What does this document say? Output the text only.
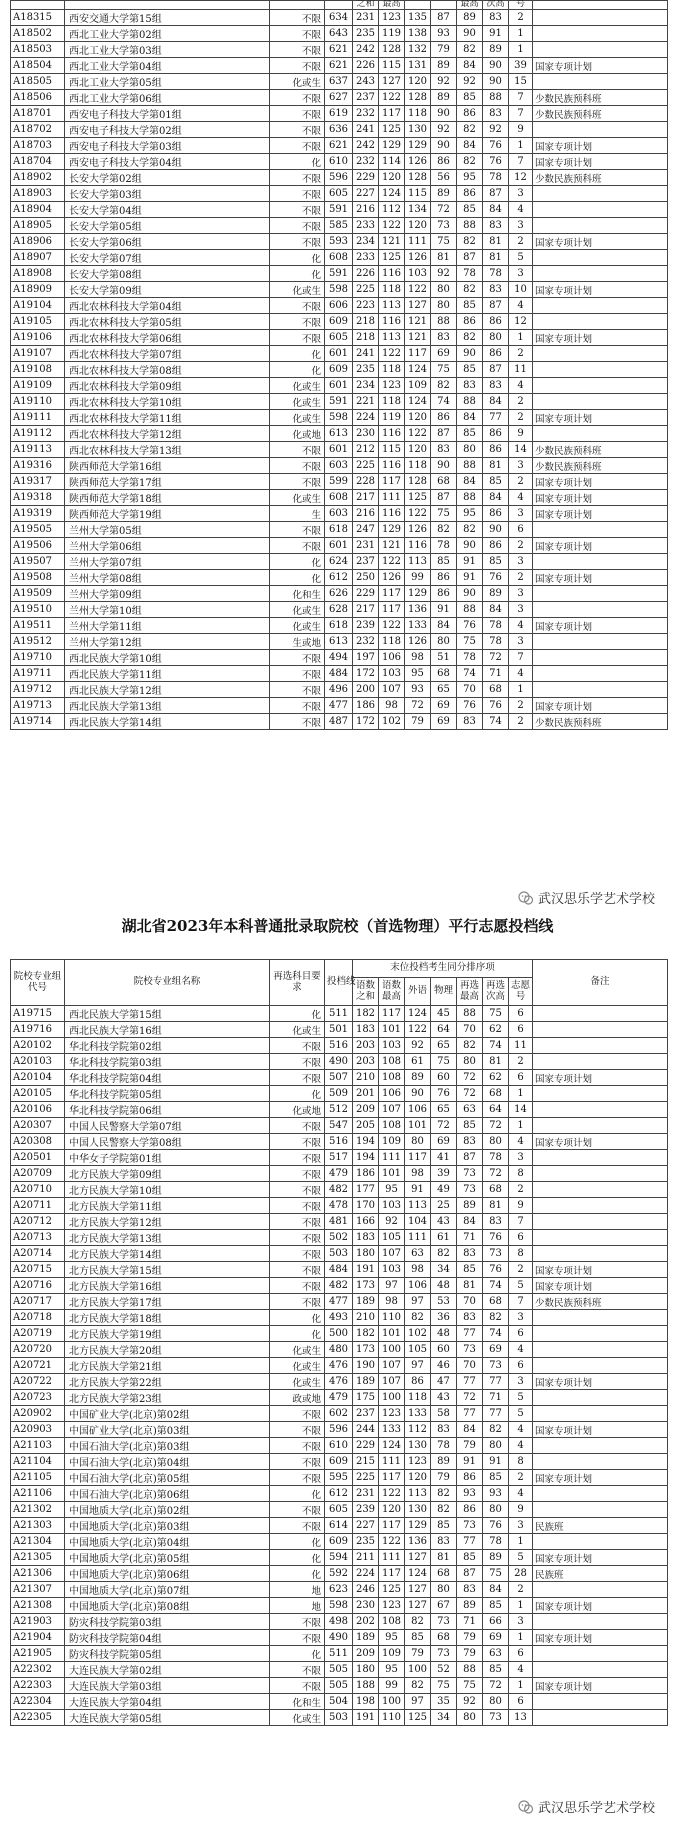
				之和	最高			最高	次高	号	
A18315	西安交通大学第15组	不限	634	231	123	135	87	89	83	2	
A18502	西北工业大学第02组	不限	643	235	119	138	93	90	91	1	
A18503	西北工业大学第03组	不限	621	242	128	132	79	82	89	1	
A18504	西北工业大学第04组	不限	621	226	115	131	89	84	90	39	国家专项计划
A18505	西北工业大学第05组	化或生	637	243	127	120	92	92	90	15	
A18506	西北工业大学第06组	不限	627	237	122	128	89	85	88	7	少数民族预科班
A18701	西安电子科技大学第01组	不限	619	232	117	118	90	86	83	7	少数民族预科班
A18702	西安电子科技大学第02组	不限	636	241	125	130	92	82	92	9	
A18703	西安电子科技大学第03组	不限	621	242	129	129	90	84	76	1	国家专项计划
A18704	西安电子科技大学第04组	化	610	232	114	126	86	82	76	7	国家专项计划
A18902	长安大学第02组	不限	596	229	120	128	56	95	78	12	少数民族预科班
A18903	长安大学第03组	不限	605	227	124	115	89	86	87	3	
A18904	长安大学第04组	不限	591	216	112	134	72	85	84	4	
A18905	长安大学第05组	不限	585	233	122	120	73	88	83	3	
A18906	长安大学第06组	不限	593	234	121	111	75	82	81	2	国家专项计划
A18907	长安大学第07组	化	608	233	125	126	81	87	81	5	
A18908	长安大学第08组	化	591	226	116	103	92	78	78	3	
A18909	长安大学第09组	化或生	598	225	118	122	80	82	83	10	国家专项计划
A19104	西北农林科技大学第04组	不限	606	223	113	127	80	85	87	4	
A19105	西北农林科技大学第05组	不限	609	218	116	121	88	86	86	12	
A19106	西北农林科技大学第06组	不限	605	218	113	121	83	82	80	1	国家专项计划
A19107	西北农林科技大学第07组	化	601	241	122	117	69	90	86	2	
A19108	西北农林科技大学第08组	化	609	235	118	124	75	85	87	11	
A19109	西北农林科技大学第09组	化或生	601	234	123	109	82	83	83	4	
A19110	西北农林科技大学第10组	化或生	591	221	118	124	74	88	84	2	
A19111	西北农林科技大学第11组	化或生	598	224	119	120	86	84	77	2	国家专项计划
A19112	西北农林科技大学第12组	化或地	613	230	116	122	87	85	86	9	
A19113	西北农林科技大学第13组	不限	601	212	115	120	83	80	86	14	少数民族预科班
A19316	陕西师范大学第16组	不限	603	225	116	118	90	88	81	3	少数民族预科班
A19317	陕西师范大学第17组	不限	599	228	117	128	68	84	85	2	国家专项计划
A19318	陕西师范大学第18组	化或生	608	217	111	125	87	88	84	4	国家专项计划
A19319	陕西师范大学第19组	生	603	216	116	122	75	95	86	3	国家专项计划
A19505	兰州大学第05组	不限	618	247	129	126	82	82	90	6	
A19506	兰州大学第06组	不限	601	231	121	116	78	90	86	2	国家专项计划
A19507	兰州大学第07组	化	624	237	122	113	85	91	85	3	
A19508	兰州大学第08组	化	612	250	126	99	86	91	76	2	国家专项计划
A19509	兰州大学第09组	化和生	626	229	117	129	86	90	89	3	
A19510	兰州大学第10组	化或生	628	217	117	136	91	88	84	3	
A19511	兰州大学第11组	化或生	618	239	122	133	84	76	78	4	国家专项计划
A19512	兰州大学第12组	生或地	613	232	118	126	80	75	78	3	
A19710	西北民族大学第10组	不限	494	197	106	98	51	78	72	7	
A19711	西北民族大学第11组	不限	484	172	103	95	68	74	71	4	
A19712	西北民族大学第12组	不限	496	200	107	93	65	70	68	1	
A19713	西北民族大学第13组	不限	477	186	98	72	69	76	76	2	国家专项计划
A19714	西北民族大学第14组	不限	487	172	102	79	69	83	74	2	少数民族预科班
武汉思乐学艺术学校
湖北省2023年本科普通批录取院校（首选物理）平行志愿投档线
院校专业组代号	院校专业组名称	再选科目要求	投档线	末位投档考生同分排序项							备注
				语数之和	语数最高	外语	物理	再选最高	再选次高	志愿号	
A19715	西北民族大学第15组	化	511	182	117	124	45	88	75	6	
A19716	西北民族大学第16组	化或生	501	183	101	122	64	70	62	6	
A20102	华北科技学院第02组	不限	516	203	103	92	65	82	74	11	
A20103	华北科技学院第03组	不限	490	203	108	61	75	80	81	2	
A20104	华北科技学院第04组	不限	507	210	108	89	60	72	62	6	国家专项计划
A20105	华北科技学院第05组	化	509	201	106	90	76	72	68	1	
A20106	华北科技学院第06组	化或地	512	209	107	106	65	63	64	14	
A20307	中国人民警察大学第07组	不限	547	205	108	101	72	85	72	1	
A20308	中国人民警察大学第08组	不限	516	194	109	80	69	83	80	4	国家专项计划
A20501	中华女子学院第01组	不限	517	194	111	117	41	87	78	3	
A20709	北方民族大学第09组	不限	479	186	101	98	39	73	72	8	
A20710	北方民族大学第10组	不限	482	177	95	91	49	73	68	2	
A20711	北方民族大学第11组	不限	478	170	103	113	25	89	81	9	
A20712	北方民族大学第12组	不限	481	166	92	104	43	84	83	7	
A20713	北方民族大学第13组	不限	502	183	105	111	61	71	76	6	
A20714	北方民族大学第14组	不限	503	180	107	63	82	83	73	8	
A20715	北方民族大学第15组	不限	484	191	103	98	34	85	76	2	国家专项计划
A20716	北方民族大学第16组	不限	482	173	97	106	48	81	74	5	国家专项计划
A20717	北方民族大学第17组	不限	477	189	98	97	53	70	68	7	少数民族预科班
A20718	北方民族大学第18组	化	493	210	110	82	36	83	82	3	
A20719	北方民族大学第19组	化	500	182	101	102	48	77	74	6	
A20720	北方民族大学第20组	化或生	480	173	100	105	60	73	69	4	
A20721	北方民族大学第21组	化或生	476	190	107	97	46	70	73	6	
A20722	北方民族大学第22组	化或生	476	189	107	86	47	77	77	3	国家专项计划
A20723	北方民族大学第23组	政或地	479	175	100	118	43	72	71	5	
A20902	中国矿业大学(北京)第02组	不限	602	237	123	133	58	77	77	5	
A20903	中国矿业大学(北京)第03组	不限	596	244	133	112	83	84	82	4	国家专项计划
A21103	中国石油大学(北京)第03组	不限	610	229	124	130	78	79	80	4	
A21104	中国石油大学(北京)第04组	不限	609	215	111	123	89	91	91	8	
A21105	中国石油大学(北京)第05组	不限	595	225	117	120	79	86	85	2	国家专项计划
A21106	中国石油大学(北京)第06组	化	612	231	122	113	82	93	93	4	
A21302	中国地质大学(北京)第02组	不限	605	239	120	130	82	86	80	9	
A21303	中国地质大学(北京)第03组	不限	614	227	117	129	85	73	76	3	民族班
A21304	中国地质大学(北京)第04组	化	609	235	122	136	83	77	78	1	
A21305	中国地质大学(北京)第05组	化	594	211	111	127	81	85	89	5	国家专项计划
A21306	中国地质大学(北京)第06组	化	592	224	117	124	68	87	75	28	民族班
A21307	中国地质大学(北京)第07组	地	623	246	125	127	80	83	84	2	
A21308	中国地质大学(北京)第08组	地	598	230	123	127	67	89	85	1	国家专项计划
A21903	防灾科技学院第03组	不限	498	202	108	82	73	71	66	3	
A21904	防灾科技学院第04组	不限	490	189	95	85	68	79	69	1	国家专项计划
A21905	防灾科技学院第05组	化	511	209	109	79	73	79	63	6	
A22302	大连民族大学第02组	不限	505	180	95	100	52	88	85	4	
A22303	大连民族大学第03组	不限	505	188	99	82	75	75	72	1	国家专项计划
A22304	大连民族大学第04组	化和生	504	198	100	97	35	92	80	6	
A22305	大连民族大学第05组	化或生	503	191	110	125	34	80	73	13	
武汉思乐学艺术学校
